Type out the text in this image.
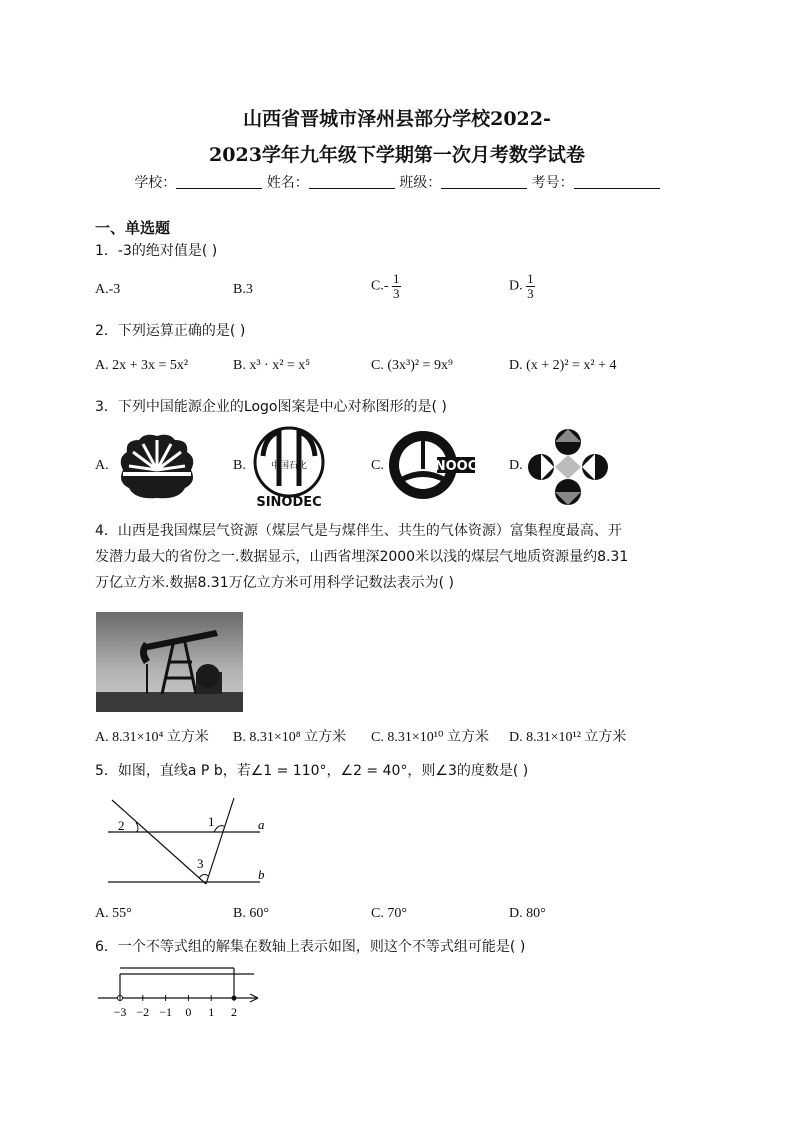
山西省晋城市泽州县部分学校2022-
2023学年九年级下学期第一次月考数学试卷
学校：	姓名：	班级：	考号：
一、单选题
1．-3的绝对值是( )
A.-3	B.3	$C.- \frac{1}{3}$	D. $\frac{1}{3}$
2．下列运算正确的是( )
A. 2x + 3x = 5x²	B. x³ · x² = x⁵	C. (3x³)² = 9x⁹	D. (x + 2)² = x² + 4
3．下列中国能源企业的Logo图案是中心对称图形的是( )
A.	B.	C.	D.
中国石化
SINODEC
NOOC
4．山西是我国煤层气资源（煤层气是与煤伴生、共生的气体资源）富集程度最高、开
发潜力最大的省份之一.数据显示，山西省埋深2000米以浅的煤层气地质资源量约8.31
万亿立方米.数据8.31万亿立方米可用科学记数法表示为( )
A. 8.31×10⁴ 立方米 B. 8.31×10⁸ 立方米 C. 8.31×10¹⁰ 立方米 D. 8.31×10¹² 立方米
5．如图，直线a P b，若∠1 = 110°，∠2 = 40°，则∠3的度数是( )
2	1
3
a
b
A. 55°	B. 60°	C. 70°	D. 80°
6．一个不等式组的解集在数轴上表示如图，则这个不等式组可能是( )
−3 −2 −1 0 1 2
